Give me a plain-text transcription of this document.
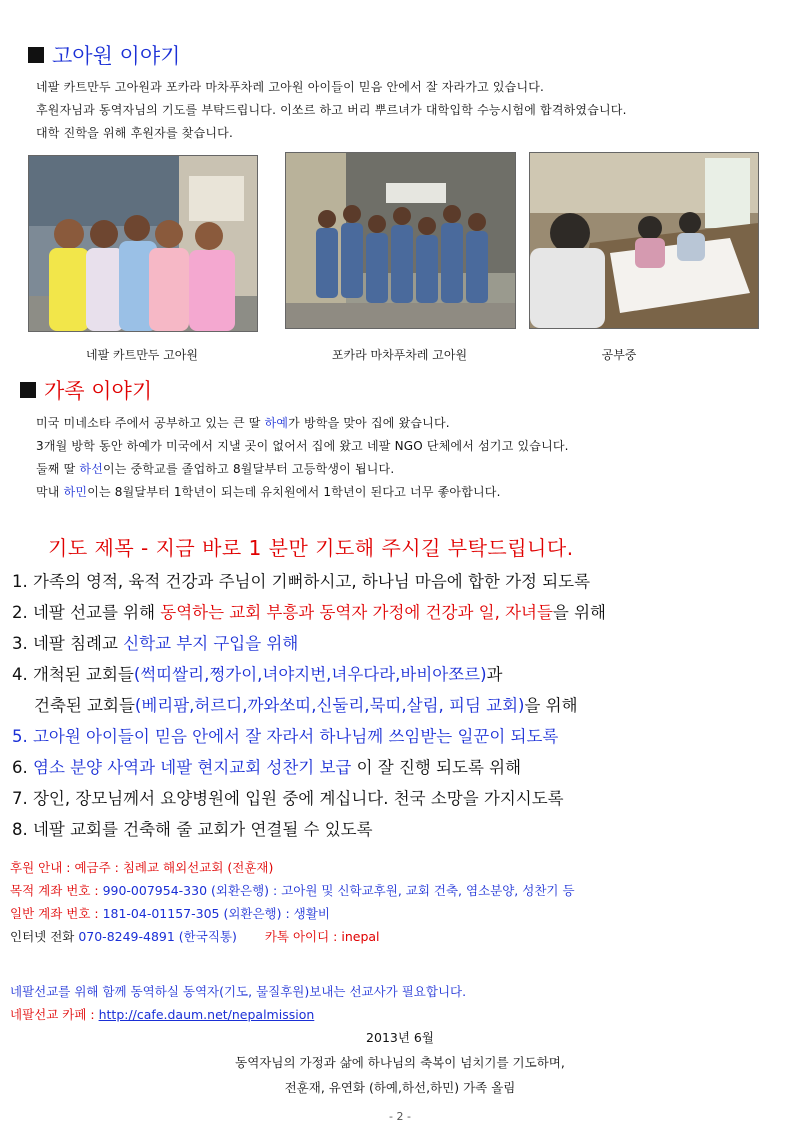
고아원 이야기
네팔 카트만두 고아원과 포카라 마차푸차레 고아원 아이들이 믿음 안에서 잘 자라가고 있습니다.
후원자님과 동역자님의 기도를 부탁드립니다. 이쏘르 하고 버리 뿌르녀가 대학입학 수능시험에 합격하였습니다.
대학 진학을 위해 후원자를 찾습니다.
네팔 카트만두 고아원	포카라 마차푸차레 고아원	공부중
가족 이야기
미국 미네소타 주에서 공부하고 있는 큰 딸 하예가 방학을 맞아 집에 왔습니다.
3개월 방학 동안 하예가 미국에서 지낼 곳이 없어서 집에 왔고 네팔 NGO 단체에서 섬기고 있습니다.
둘째 딸 하선이는 중학교를 졸업하고 8월달부터 고등학생이 됩니다.
막내 하민이는 8월달부터 1학년이 되는데 유치원에서 1학년이 된다고 너무 좋아합니다.
기도 제목 - 지금 바로 1 분만 기도해 주시길 부탁드립니다.
1. 가족의 영적, 육적 건강과 주님이 기뻐하시고, 하나님 마음에 합한 가정 되도록
2. 네팔 선교를 위해 동역하는 교회 부흥과 동역자 가정에 건강과 일, 자녀들을 위해
3. 네팔 침례교 신학교 부지 구입을 위해
4. 개척된 교회들(썩띠쌀리,쩡가이,녀야지번,녀우다라,바비아쪼르)과
건축된 교회들(베리팜,허르디,까와쏘띠,신둘리,묵띠,살림, 피딤 교회)을 위해
5. 고아원 아이들이 믿음 안에서 잘 자라서 하나님께 쓰임받는 일꾼이 되도록
6. 염소 분양 사역과 네팔 현지교회 성찬기 보급 이 잘 진행 되도록 위해
7. 장인, 장모님께서 요양병원에 입원 중에 계십니다. 천국 소망을 가지시도록
8. 네팔 교회를 건축해 줄 교회가 연결될 수 있도록
후원 안내 : 예금주 : 침례교 해외선교회 (전훈재)
목적 계좌 번호 : 990-007954-330 (외환은행) : 고아원 및 신학교후원, 교회 건축, 염소분양, 성찬기 등
일반 계좌 번호 : 181-04-01157-305 (외환은행) : 생활비
인터넷 전화 070-8249-4891 (한국직통) 카톡 아이디 : inepal
네팔선교를 위해 함께 동역하실 동역자(기도, 물질후원)보내는 선교사가 필요합니다.
네팔선교 카페 : http://cafe.daum.net/nepalmission
2013년 6월
동역자님의 가정과 삶에 하나님의 축복이 넘치기를 기도하며,
전훈재, 유연화 (하예,하선,하민) 가족 올림
- 2 -
